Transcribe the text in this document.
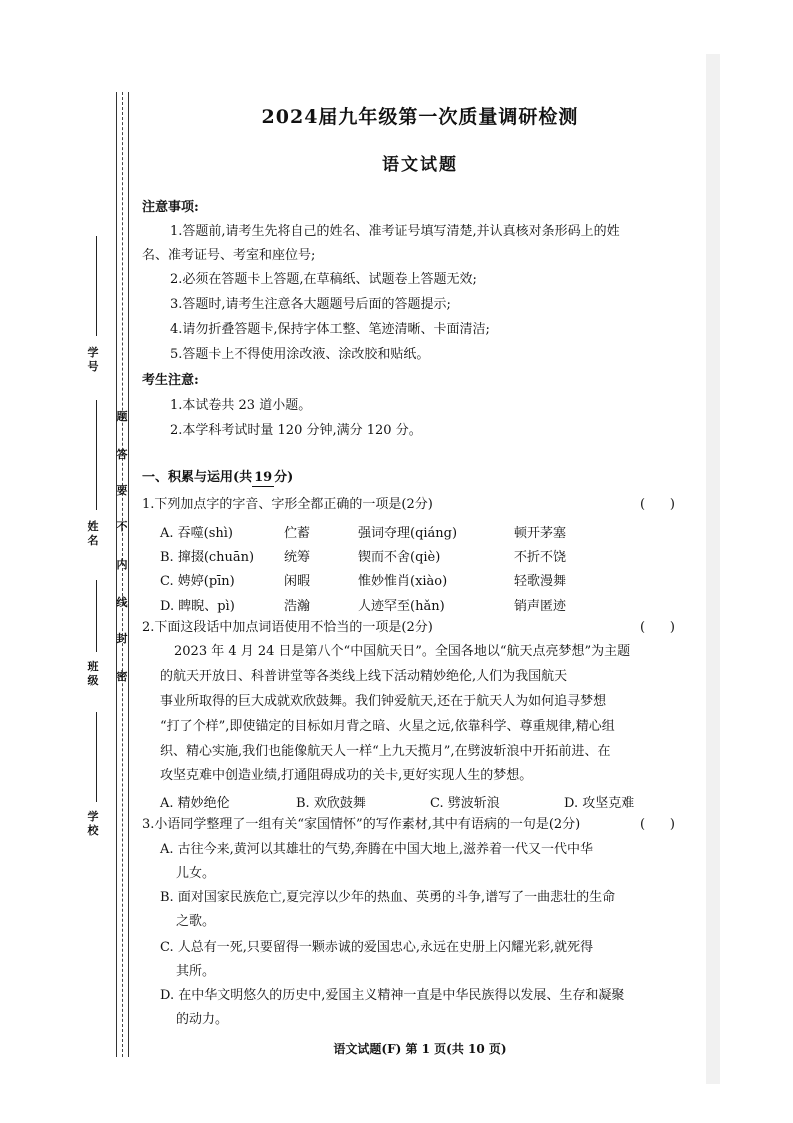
学 号
姓 名
班 级
学 校
题
答
要
不
内
线
封
密
2024届九年级第一次质量调研检测
语文试题
注意事项:
1.答题前,请考生先将自己的姓名、准考证号填写清楚,并认真核对条形码上的姓
名、准考证号、考室和座位号;
2.必须在答题卡上答题,在草稿纸、试题卷上答题无效;
3.答题时,请考生注意各大题题号后面的答题提示;
4.请勿折叠答题卡,保持字体工整、笔迹清晰、卡面清洁;
5.答题卡上不得使用涂改液、涂改胶和贴纸。
考生注意:
1.本试卷共 23 道小题。
2.本学科考试时量 120 分钟,满分 120 分。
一、积累与运用(共 19 分)
1.下列加点字的字音、字形全都正确的一项是(2分)	(      )
A. 吞噬(shì)	伫蓄	强词夺理(qiáng)	顿开茅塞
B. 撺掇(chuān) 统筹	锲而不舍(qiè)	不折不饶
C. 娉婷(pīn)	闲暇	惟妙惟肖(xiào)	轻歌漫舞
D. 睥睨、pì)	浩瀚	人迹罕至(hǎn)	销声匿迹
2.下面这段话中加点词语使用不恰当的一项是(2分)	(      )
2023 年 4 月 24 日是第八个“中国航天日”。全国各地以“航天点亮梦想”为主题
的航天开放日、科普讲堂等各类线上线下活动精妙绝伦,人们为我国航天
事业所取得的巨大成就欢欣鼓舞。我们钟爱航天,还在于航天人为如何追寻梦想
“打了个样”,即使锚定的目标如月背之暗、火星之远,依靠科学、尊重规律,精心组
织、精心实施,我们也能像航天人一样“上九天揽月”,在劈波斩浪中开拓前进、在
攻坚克难中创造业绩,打通阻碍成功的关卡,更好实现人生的梦想。
A. 精妙绝伦	B. 欢欣鼓舞	C. 劈波斩浪	D. 攻坚克难
3.小语同学整理了一组有关“家国情怀”的写作素材,其中有语病的一句是(2分)	(      )
A. 古往今来,黄河以其雄壮的气势,奔腾在中国大地上,滋养着一代又一代中华
儿女。
B. 面对国家民族危亡,夏完淳以少年的热血、英勇的斗争,谱写了一曲悲壮的生命
之歌。
C. 人总有一死,只要留得一颗赤诚的爱国忠心,永远在史册上闪耀光彩,就死得
其所。
D. 在中华文明悠久的历史中,爱国主义精神一直是中华民族得以发展、生存和凝聚
的动力。
语文试题(F) 第 1 页(共 10 页)
